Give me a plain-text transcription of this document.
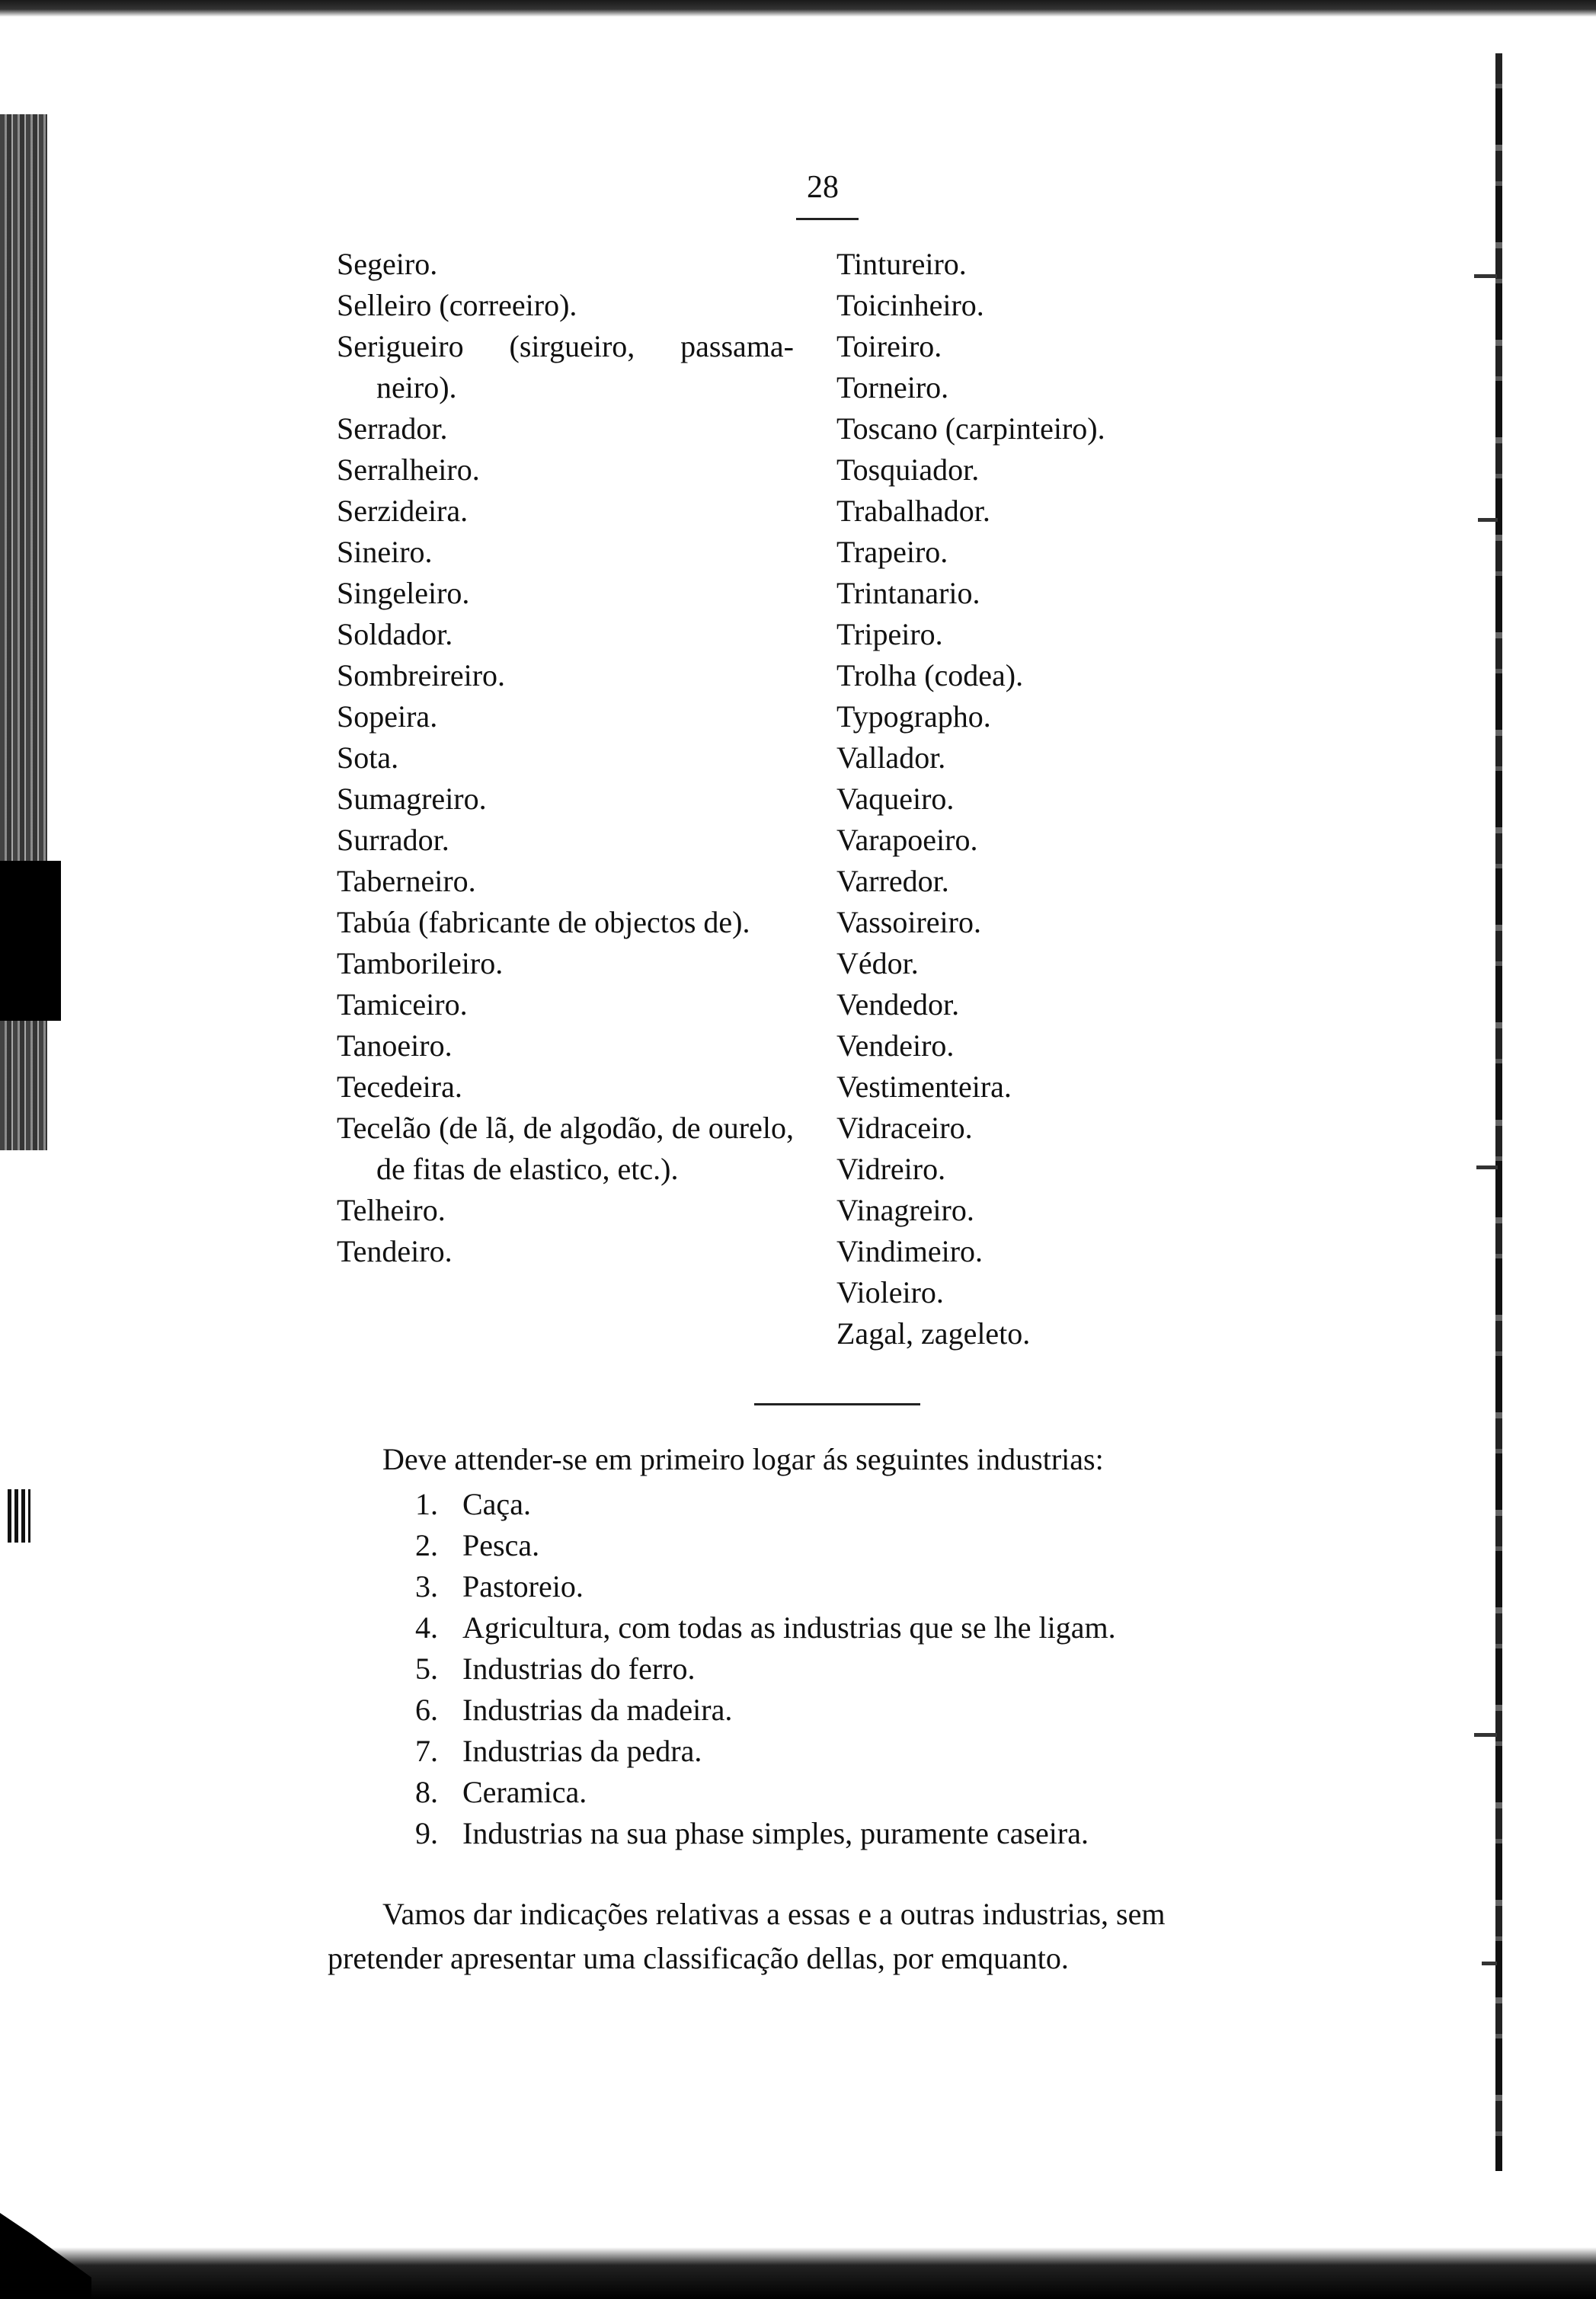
28
Segeiro.
Selleiro (correeiro).
Serigueiro (sirgueiro, passama-neiro).
Serrador.
Serralheiro.
Serzideira.
Sineiro.
Singeleiro.
Soldador.
Sombreireiro.
Sopeira.
Sota.
Sumagreiro.
Surrador.
Taberneiro.
Tabúa (fabricante de objectos de).
Tamborileiro.
Tamiceiro.
Tanoeiro.
Tecedeira.
Tecelão (de lã, de algodão, de ourelo, de fitas de elastico, etc.).
Telheiro.
Tendeiro.
Tintureiro.
Toicinheiro.
Toireiro.
Torneiro.
Toscano (carpinteiro).
Tosquiador.
Trabalhador.
Trapeiro.
Trintanario.
Tripeiro.
Trolha (codea).
Typographo.
Vallador.
Vaqueiro.
Varapoeiro.
Varredor.
Vassoireiro.
Védor.
Vendedor.
Vendeiro.
Vestimenteira.
Vidraceiro.
Vidreiro.
Vinagreiro.
Vindimeiro.
Violeiro.
Zagal, zageleto.
Deve attender-se em primeiro logar ás seguintes industrias:
1. Caça.
2. Pesca.
3. Pastoreio.
4. Agricultura, com todas as industrias que se lhe ligam.
5. Industrias do ferro.
6. Industrias da madeira.
7. Industrias da pedra.
8. Ceramica.
9. Industrias na sua phase simples, puramente caseira.
Vamos dar indicações relativas a essas e a outras industrias, sem
pretender apresentar uma classificação dellas, por emquanto.
